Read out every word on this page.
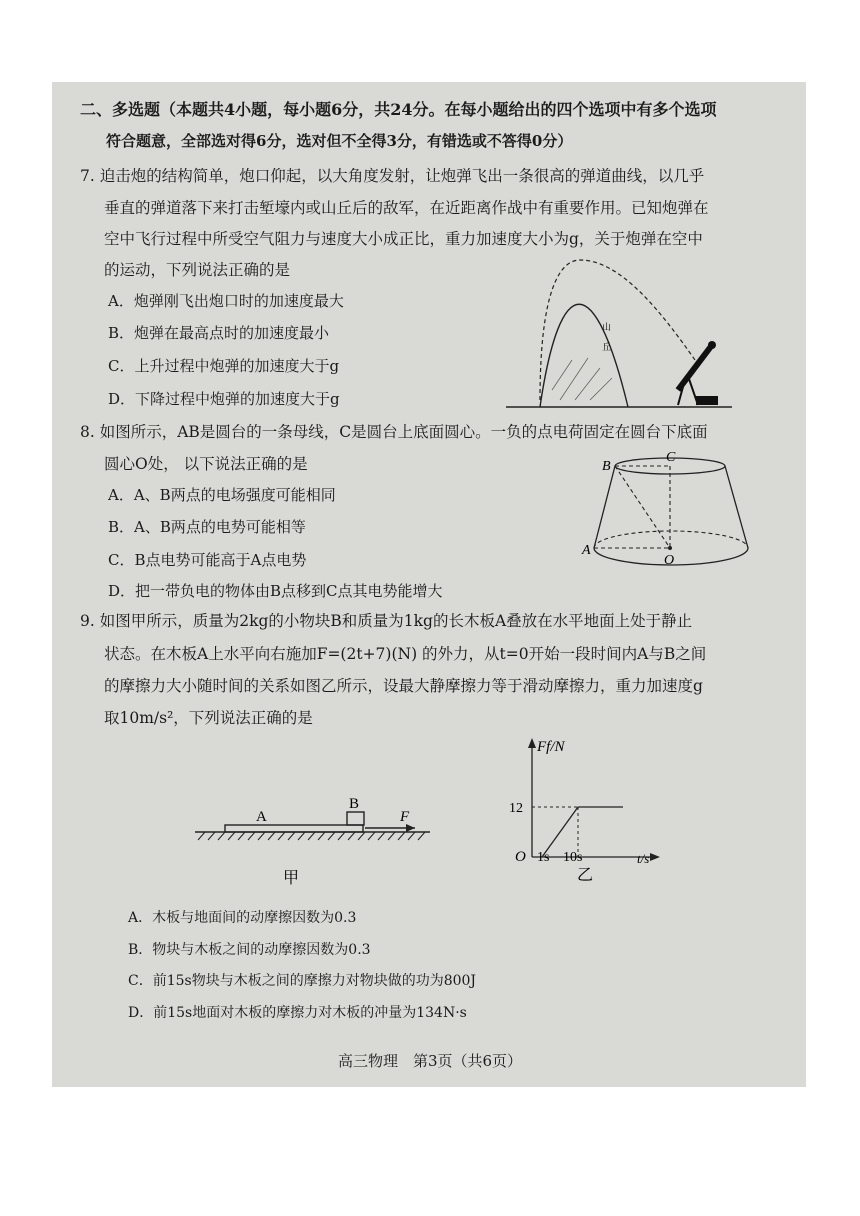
二、多选题（本题共4小题，每小题6分，共24分。在每小题给出的四个选项中有多个选项
符合题意，全部选对得6分，选对但不全得3分，有错选或不答得0分）
7. 迫击炮的结构简单，炮口仰起，以大角度发射，让炮弹飞出一条很高的弹道曲线，以几乎
垂直的弹道落下来打击堑壕内或山丘后的敌军，在近距离作战中有重要作用。已知炮弹在
空中飞行过程中所受空气阻力与速度大小成正比，重力加速度大小为g，关于炮弹在空中
的运动，下列说法正确的是
A．炮弹刚飞出炮口时的加速度最大
B．炮弹在最高点时的加速度最小
C．上升过程中炮弹的加速度大于g
D．下降过程中炮弹的加速度大于g
山
丘
8. 如图所示，AB是圆台的一条母线，C是圆台上底面圆心。一负的点电荷固定在圆台下底面
圆心O处， 以下说法正确的是
A．A、B两点的电场强度可能相同
B．A、B两点的电势可能相等
C．B点电势可能高于A点电势
D．把一带负电的物体由B点移到C点其电势能增大
B
C
A
O
9. 如图甲所示，质量为2kg的小物块B和质量为1kg的长木板A叠放在水平地面上处于静止
状态。在木板A上水平向右施加F=(2t+7)(N) 的外力，从t=0开始一段时间内A与B之间
的摩擦力大小随时间的关系如图乙所示，设最大静摩擦力等于滑动摩擦力，重力加速度g
取10m/s²，下列说法正确的是
A
B
F
甲
Ff/N
12
O 1s 10s	t/s
乙
A．木板与地面间的动摩擦因数为0.3
B．物块与木板之间的动摩擦因数为0.3
C．前15s物块与木板之间的摩擦力对物块做的功为800J
D．前15s地面对木板的摩擦力对木板的冲量为134N·s
高三物理　第3页（共6页）
